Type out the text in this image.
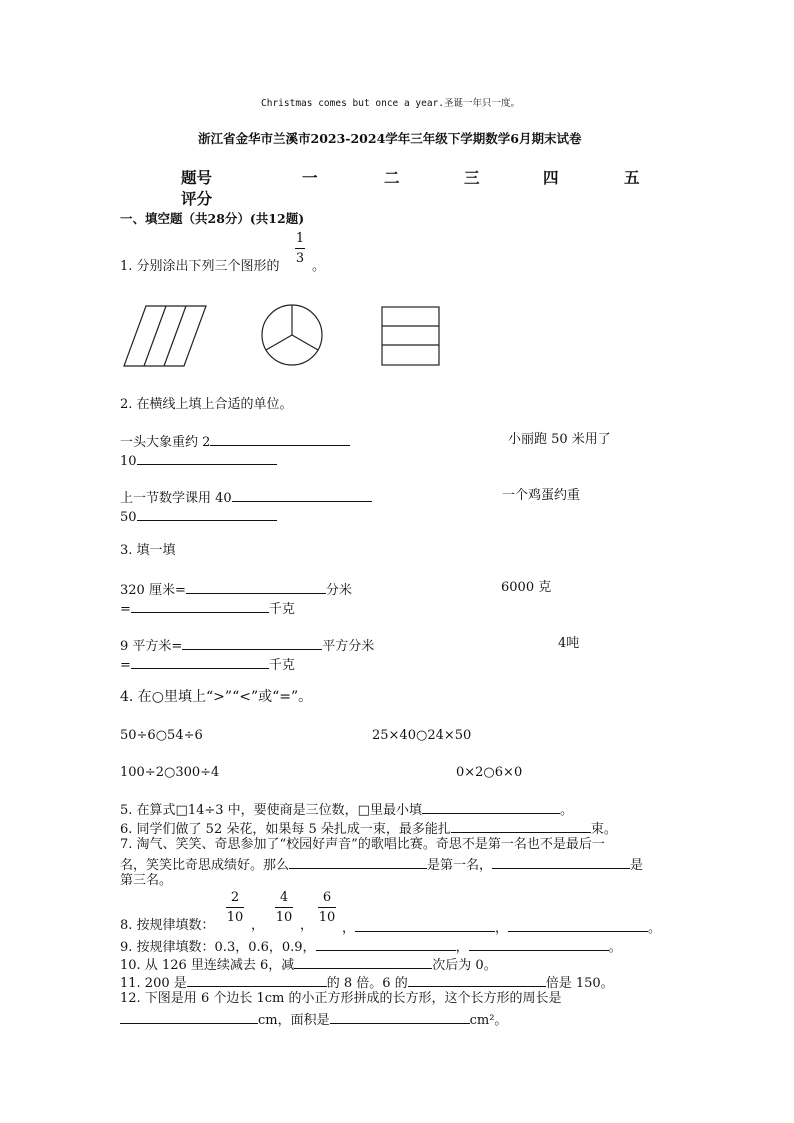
Christmas comes but once a year.圣诞一年只一度。
浙江省金华市兰溪市2023-2024学年三年级下学期数学6月期末试卷
题号	一	二	三	四	五
评分
一、填空题（共28分）(共12题)
1. 分别涂出下列三个图形的
1
3
。
2. 在横线上填上合适的单位。
一头大象重约 2	小丽跑 50 米用了
10
上一节数学课用 40	一个鸡蛋约重
50
3. 填一填
320 厘米=	分米	6000 克
=	千克
9 平方米=	平方分米	4吨
=	千克
4. 在○里填上“>”“<”或“=”。
50÷6○54÷6	25×40○24×50
100÷2○300÷4	0×2○6×0
5. 在算式□14÷3 中，要使商是三位数，□里最小填	。
6. 同学们做了 52 朵花，如果每 5 朵扎成一束，最多能扎	束。
7. 淘气、笑笑、奇思参加了“校园好声音”的歌唱比赛。奇思不是第一名也不是最后一
名，笑笑比奇思成绩好。那么	是第一名，	是
第三名。
8. 按规律填数：
2
10
，
4
10
，
6
10
，	，	。
9. 按规律填数：0.3，0.6，0.9，	，	。
10. 从 126 里连续减去 6，减	次后为 0。
11. 200 是	的 8 倍。6 的	倍是 150。
12. 下图是用 6 个边长 1cm 的小正方形拼成的长方形，这个长方形的周长是
cm，面积是	cm²。
